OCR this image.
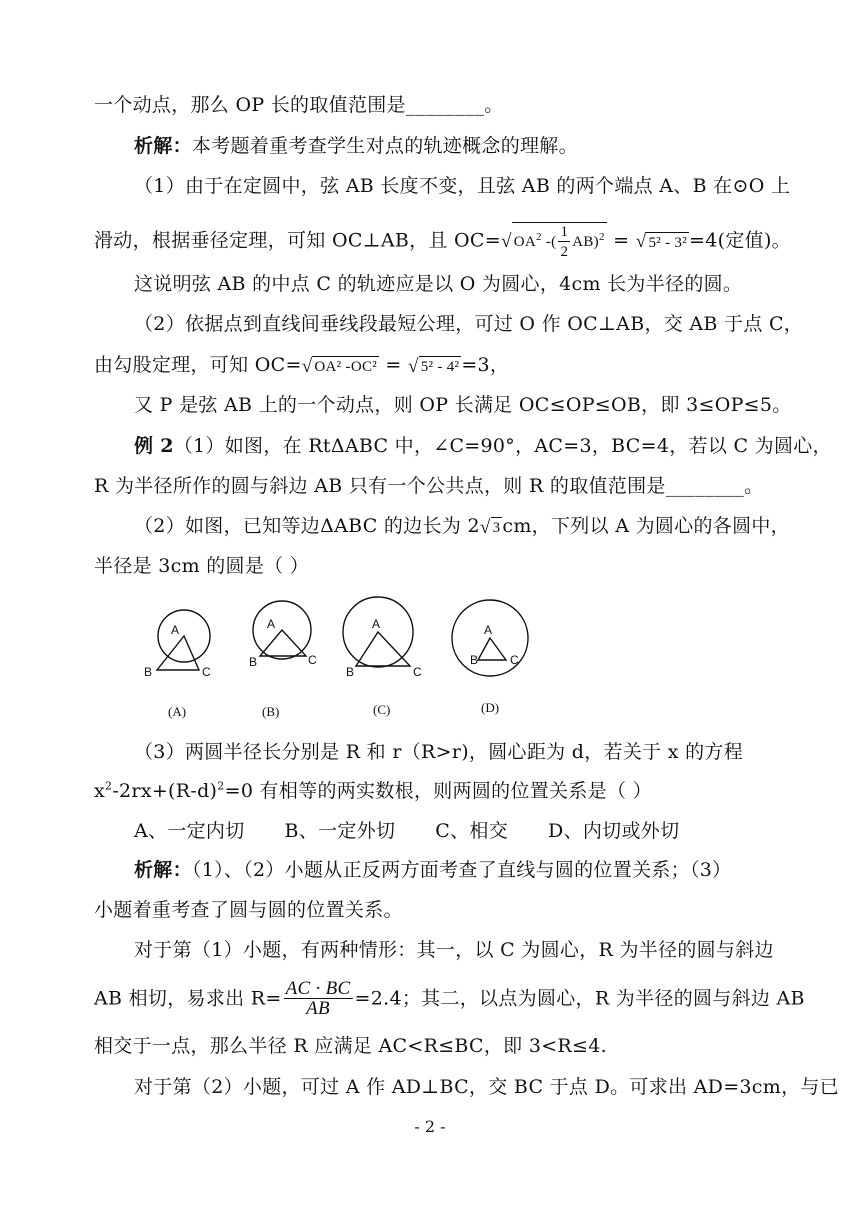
一个动点，那么 OP 长的取值范围是________。
析解：本考题着重考查学生对点的轨迹概念的理解。
（1）由于在定圆中，弦 AB 长度不变，且弦 AB 的两个端点 A、B 在⊙O 上
滑动，根据垂径定理，可知 OC⊥AB，且 OC=√ $OA^2$ -( $\frac{1}{2} AB)^2$ = √ 5² - 3² =4(定值)。
这说明弦 AB 的中点 C 的轨迹应是以 O 为圆心，4cm 长为半径的圆。
（2）依据点到直线间垂线段最短公理，可过 O 作 OC⊥AB，交 AB 于点 C，
由勾股定理，可知 OC=√ OA² -OC² = √ 5² - 4² =3，
又 P 是弦 AB 上的一个动点，则 OP 长满足 OC≤OP≤OB，即 3≤OP≤5。
例 2（1）如图，在 RtΔABC 中，∠C=90°，AC=3，BC=4，若以 C 为圆心，
R 为半径所作的圆与斜边 AB 只有一个公共点，则 R 的取值范围是________。
（2）如图，已知等边ΔABC 的边长为 2√ 3 cm，下列以 A 为圆心的各圆中，
半径是 3cm 的圆是（ ）
A
B	C
A
B	C
A
B	C
A
B	C
(A)	(B)	(C)	(D)
（3）两圆半径长分别是 R 和 r（R>r)，圆心距为 d，若关于 x 的方程
$x^2-2rx+(R-d)^2=0$ 有相等的两实数根，则两圆的位置关系是（ ）
A、一定内切 B、一定外切 C、相交 D、内切或外切
析解：（1）、（2）小题从正反两方面考查了直线与圆的位置关系；（3）
小题着重考查了圆与圆的位置关系。
对于第（1）小题，有两种情形：其一，以 C 为圆心，R 为半径的圆与斜边
AB 相切，易求出 $R= \frac{AC \cdot BC}{AB} =2.4$；其二，以点为圆心，R 为半径的圆与斜边 AB
相交于一点，那么半径 R 应满足 AC<R≤BC，即 3<R≤4.
对于第（2）小题，可过 A 作 AD⊥BC，交 BC 于点 D。可求出 AD=3cm，与已
- 2 -
